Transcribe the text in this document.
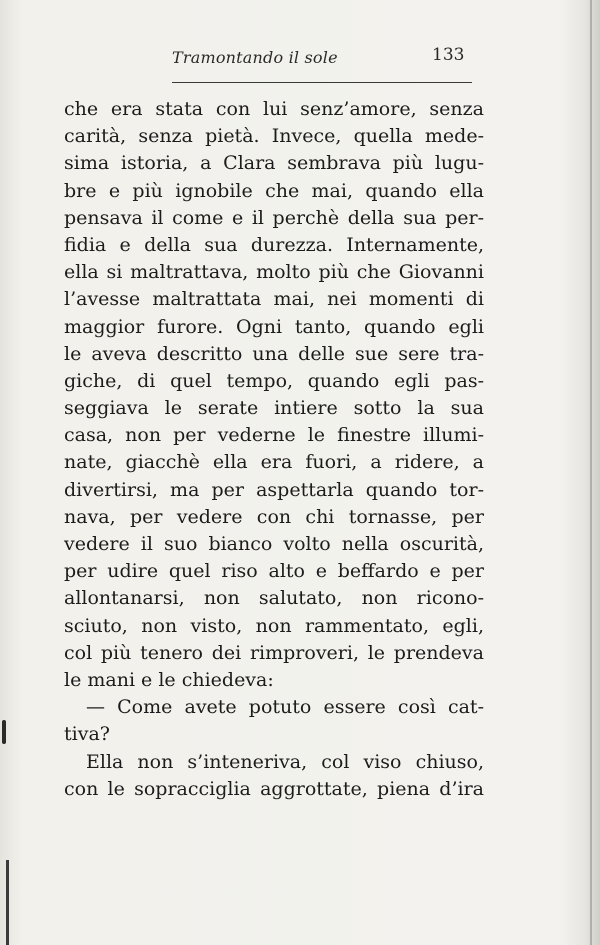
Tramontando il sole	133
che era stata con lui senz’amore, senza
carità, senza pietà. Invece, quella mede-
sima istoria, a Clara sembrava più lugu-
bre e più ignobile che mai, quando ella
pensava il come e il perchè della sua per-
fidia e della sua durezza. Internamente,
ella si maltrattava, molto più che Giovanni
l’avesse maltrattata mai, nei momenti di
maggior furore. Ogni tanto, quando egli
le aveva descritto una delle sue sere tra-
giche, di quel tempo, quando egli pas-
seggiava le serate intiere sotto la sua
casa, non per vederne le finestre illumi-
nate, giacchè ella era fuori, a ridere, a
divertirsi, ma per aspettarla quando tor-
nava, per vedere con chi tornasse, per
vedere il suo bianco volto nella oscurità,
per udire quel riso alto e beffardo e per
allontanarsi, non salutato, non ricono-
sciuto, non visto, non rammentato, egli,
col più tenero dei rimproveri, le prendeva
le mani e le chiedeva:
— Come avete potuto essere così cat-
tiva?
Ella non s’inteneriva, col viso chiuso,
con le sopracciglia aggrottate, piena d’ira
